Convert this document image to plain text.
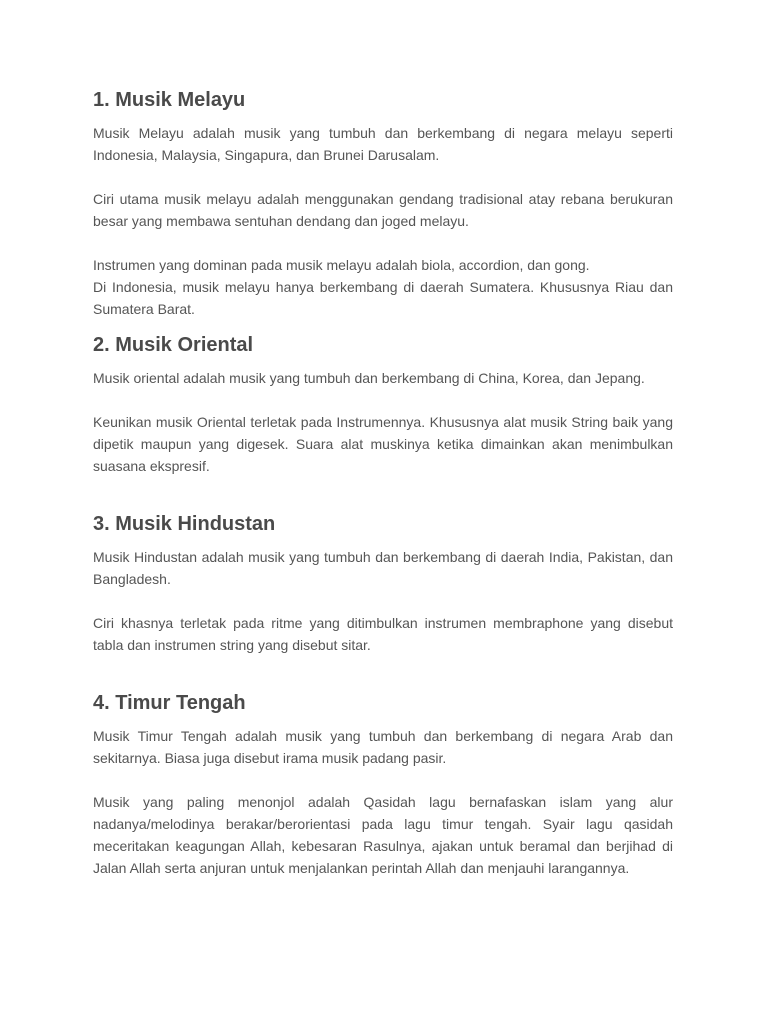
1. Musik Melayu

Musik Melayu adalah musik yang tumbuh dan berkembang di negara melayu seperti Indonesia, Malaysia, Singapura, dan Brunei Darusalam.

Ciri utama musik melayu adalah menggunakan gendang tradisional atay rebana berukuran besar yang membawa sentuhan dendang dan joged melayu.

Instrumen yang dominan pada musik melayu adalah biola, accordion, dan gong.

Di Indonesia, musik melayu hanya berkembang di daerah Sumatera. Khususnya Riau dan Sumatera Barat.

2. Musik Oriental

Musik oriental adalah musik yang tumbuh dan berkembang di China, Korea, dan Jepang.

Keunikan musik Oriental terletak pada Instrumennya. Khususnya alat musik String baik yang dipetik maupun yang digesek. Suara alat muskinya ketika dimainkan akan menimbulkan suasana ekspresif.

3. Musik Hindustan

Musik Hindustan adalah musik yang tumbuh dan berkembang di daerah India, Pakistan, dan Bangladesh.

Ciri khasnya terletak pada ritme yang ditimbulkan instrumen membraphone yang disebut tabla dan instrumen string yang disebut sitar.

4. Timur Tengah

Musik Timur Tengah adalah musik yang tumbuh dan berkembang di negara Arab dan sekitarnya. Biasa juga disebut irama musik padang pasir.

Musik yang paling menonjol adalah Qasidah lagu bernafaskan islam yang alur nadanya/melodinya berakar/berorientasi pada lagu timur tengah. Syair lagu qasidah meceritakan keagungan Allah, kebesaran Rasulnya, ajakan untuk beramal dan berjihad di Jalan Allah serta anjuran untuk menjalankan perintah Allah dan menjauhi larangannya.
